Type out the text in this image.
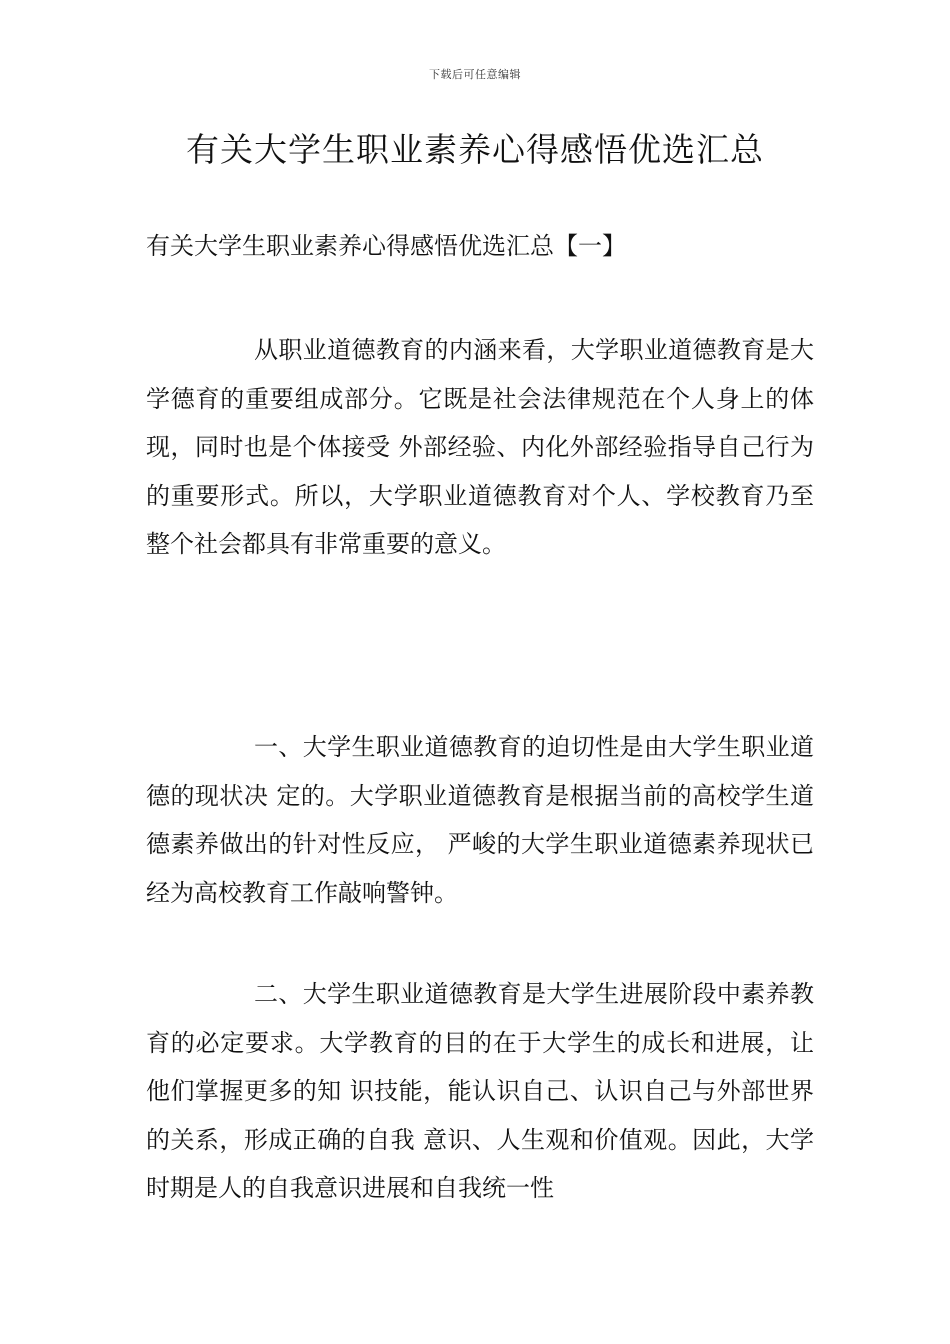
下载后可任意编辑
有关大学生职业素养心得感悟优选汇总
有关大学生职业素养心得感悟优选汇总【一】

从职业道德教育的内涵来看，大学职业道德教育是大学德育的重要组成部分。它既是社会法律规范在个人身上的体现，同时也是个体接受 外部经验、内化外部经验指导自己行为的重要形式。所以，大学职业道德教育对个人、学校教育乃至整个社会都具有非常重要的意义。

一、大学生职业道德教育的迫切性是由大学生职业道德的现状决 定的。大学职业道德教育是根据当前的高校学生道德素养做出的针对性反应， 严峻的大学生职业道德素养现状已经为高校教育工作敲响警钟。

二、大学生职业道德教育是大学生进展阶段中素养教育的必定要求。大学教育的目的在于大学生的成长和进展，让他们掌握更多的知 识技能，能认识自己、认识自己与外部世界的关系，形成正确的自我 意识、人生观和价值观。因此，大学时期是人的自我意识进展和自我统一性
